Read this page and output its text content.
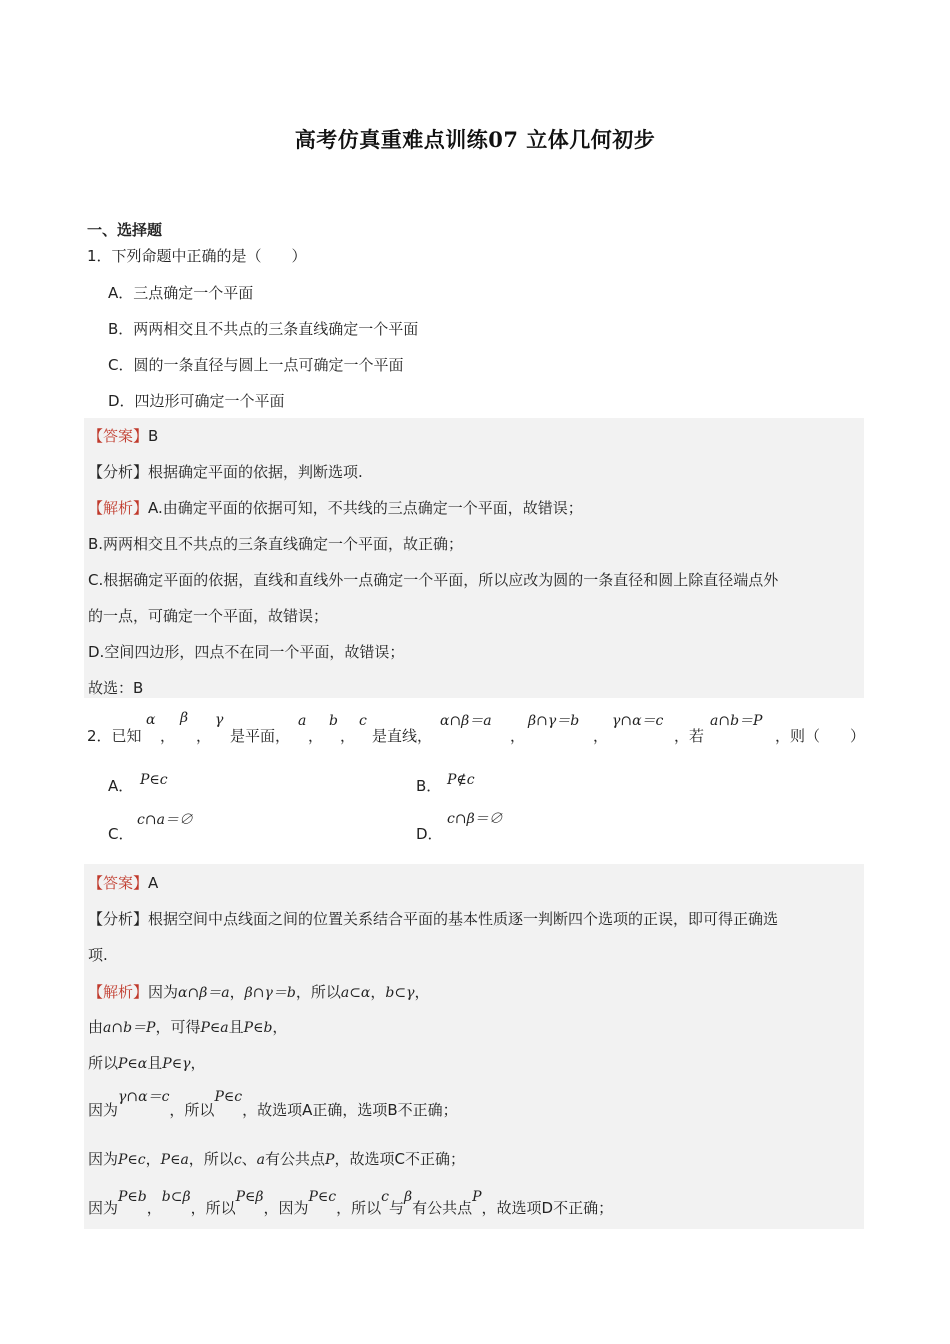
高考仿真重难点训练07 立体几何初步
一、选择题
1．下列命题中正确的是（　　）
A．三点确定一个平面
B．两两相交且不共点的三条直线确定一个平面
C．圆的一条直径与圆上一点可确定一个平面
D．四边形可确定一个平面
【答案】B
【分析】根据确定平面的依据，判断选项.
【解析】A.由确定平面的依据可知，不共线的三点确定一个平面，故错误；
B.两两相交且不共点的三条直线确定一个平面，故正确；
C.根据确定平面的依据，直线和直线外一点确定一个平面，所以应改为圆的一条直径和圆上除直径端点外
的一点，可确定一个平面，故错误；
D.空间四边形，四点不在同一个平面，故错误；
故选：B
2．已知
α
，
β
，
γ
是平面，
a
，
b
，
c
是直线，
α∩β＝a
，
β∩γ＝b
，
γ∩α＝c
，若
a∩b＝P
，则（　　）
A． P∈c	B． P∉c
C．
c∩a＝∅
D．
c∩β＝∅
【答案】A
【分析】根据空间中点线面之间的位置关系结合平面的基本性质逐一判断四个选项的正误，即可得正确选
项.
【解析】因为α∩β＝a，β∩γ＝b，所以a⊂α，b⊂γ，
由a∩b＝P，可得P∈a且P∈b，
所以P∈α且P∈γ，
因为γ∩α＝c，所以P∈c，故选项A正确，选项B不正确；
因为P∈c，P∈a，所以c、a有公共点P，故选项C不正确；
因为P∈b，b⊂β，所以P∈β，因为P∈c，所以c与β有公共点P，故选项D不正确；
